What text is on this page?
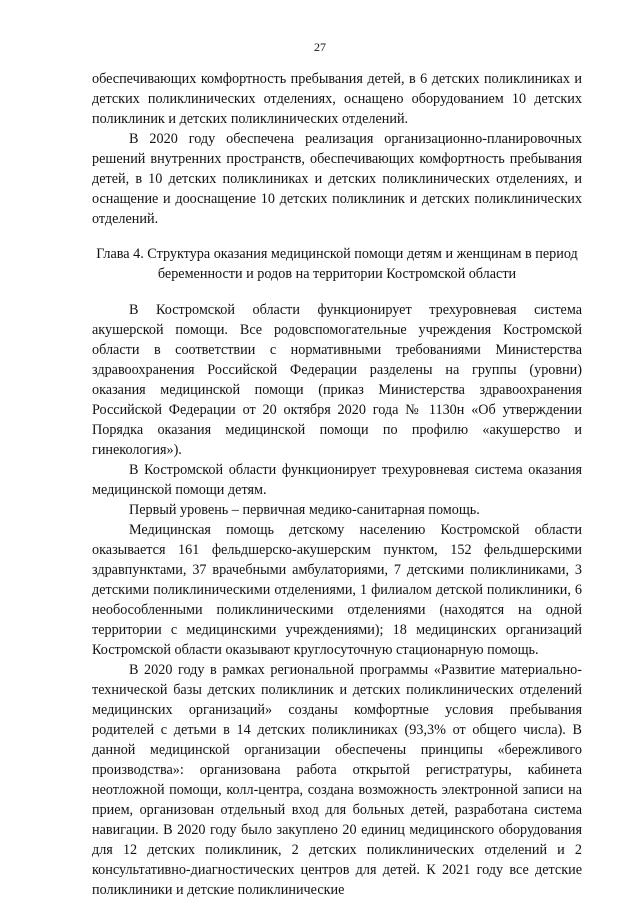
27

обеспечивающих комфортность пребывания детей, в 6 детских поликлиниках и детских поликлинических отделениях, оснащено оборудованием 10 детских поликлиник и детских поликлинических отделений.

В 2020 году обеспечена реализация организационно-планировочных решений внутренних пространств, обеспечивающих комфортность пребывания детей, в 10 детских поликлиниках и детских поликлинических отделениях, и оснащение и дооснащение 10 детских поликлиник и детских поликлинических отделений.

Глава 4. Структура оказания медицинской помощи детям и женщинам в период беременности и родов на территории Костромской области

В Костромской области функционирует трехуровневая система акушерской помощи. Все родовспомогательные учреждения Костромской области в соответствии с нормативными требованиями Министерства здравоохранения Российской Федерации разделены на группы (уровни) оказания медицинской помощи (приказ Министерства здравоохранения Российской Федерации от 20 октября 2020 года № 1130н «Об утверждении Порядка оказания медицинской помощи по профилю «акушерство и гинекология»).

В Костромской области функционирует трехуровневая система оказания медицинской помощи детям.

Первый уровень – первичная медико-санитарная помощь.

Медицинская помощь детскому населению Костромской области оказывается 161 фельдшерско-акушерским пунктом, 152 фельдшерскими здравпунктами, 37 врачебными амбулаториями, 7 детскими поликлиниками, 3 детскими поликлиническими отделениями, 1 филиалом детской поликлиники, 6 необособленными поликлиническими отделениями (находятся на одной территории с медицинскими учреждениями); 18 медицинских организаций Костромской области оказывают круглосуточную стационарную помощь.

В 2020 году в рамках региональной программы «Развитие материально-технической базы детских поликлиник и детских поликлинических отделений медицинских организаций» созданы комфортные условия пребывания родителей с детьми в 14 детских поликлиниках (93,3% от общего числа). В данной медицинской организации обеспечены принципы «бережливого производства»: организована работа открытой регистратуры, кабинета неотложной помощи, колл-центра, создана возможность электронной записи на прием, организован отдельный вход для больных детей, разработана система навигации. В 2020 году было закуплено 20 единиц медицинского оборудования для 12 детских поликлиник, 2 детских поликлинических отделений и 2 консультативно-диагностических центров для детей. К 2021 году все детские поликлиники и детские поликлинические
